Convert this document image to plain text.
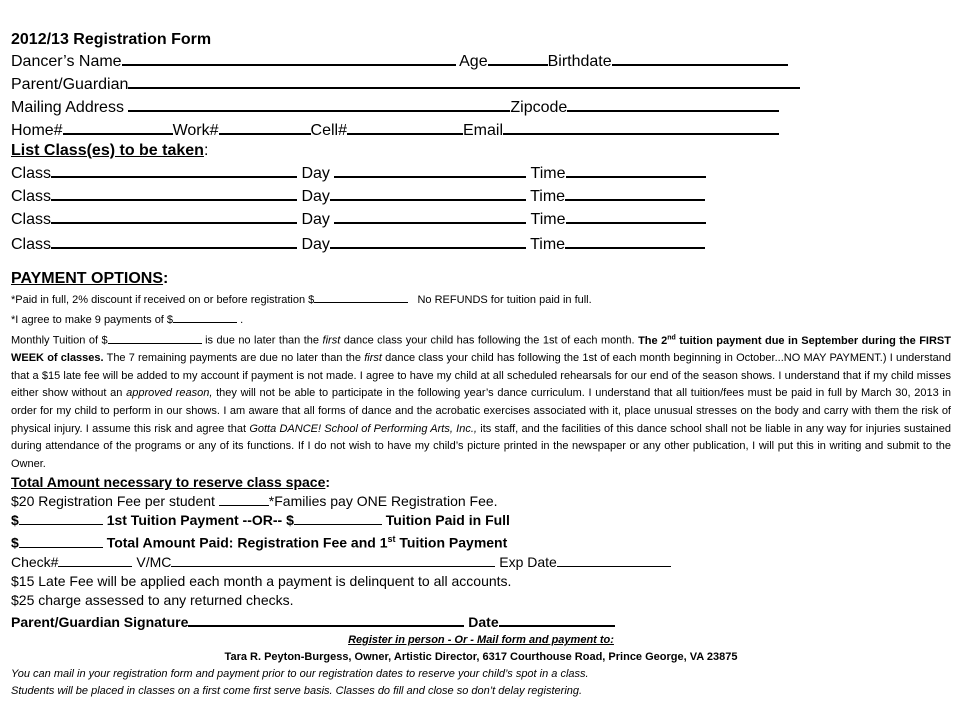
2012/13 Registration Form
Dancer’s Name	Age	Birthdate
Parent/Guardian
Mailing Address	Zipcode
Home#	Work#	Cell#	Email
List Class(es) to be taken:
Class	Day	Time
Class	Day	Time
Class	Day	Time
Class	Day	Time
PAYMENT OPTIONS:
*Paid in full, 2% discount if received on or before registration $	No REFUNDS for tuition paid in full.
*I agree to make 9 payments of $	.
Monthly Tuition of $	is due no later than the first dance class your child has following the 1st of each month. The 2nd tuition payment due in September during the FIRST WEEK of classes. The 7 remaining payments are due no later than the first dance class your child has following the 1st of each month beginning in October...NO MAY PAYMENT.) I understand that a $15 late fee will be added to my account if payment is not made. I agree to have my child at all scheduled rehearsals for our end of the season shows. I understand that if my child misses either show without an approved reason, they will not be able to participate in the following year’s dance curriculum. I understand that all tuition/fees must be paid in full by March 30, 2013 in order for my child to perform in our shows. I am aware that all forms of dance and the acrobatic exercises associated with it, place unusual stresses on the body and carry with them the risk of physical injury. I assume this risk and agree that Gotta DANCE! School of Performing Arts, Inc., its staff, and the facilities of this dance school shall not be liable in any way for injuries sustained during attendance of the programs or any of its functions. If I do not wish to have my child’s picture printed in the newspaper or any other publication, I will put this in writing and submit to the Owner.
Total Amount necessary to reserve class space:
$20 Registration Fee per student	*Families pay ONE Registration Fee.
$	1st Tuition Payment --OR-- $	Tuition Paid in Full
$	Total Amount Paid: Registration Fee and 1st Tuition Payment
Check#	V/MC	Exp Date
$15 Late Fee will be applied each month a payment is delinquent to all accounts.
$25 charge assessed to any returned checks.
Parent/Guardian Signature	Date
Register in person - Or - Mail form and payment to:
Tara R. Peyton-Burgess, Owner, Artistic Director, 6317 Courthouse Road, Prince George, VA 23875
You can mail in your registration form and payment prior to our registration dates to reserve your child’s spot in a class.
Students will be placed in classes on a first come first serve basis. Classes do fill and close so don’t delay registering.
